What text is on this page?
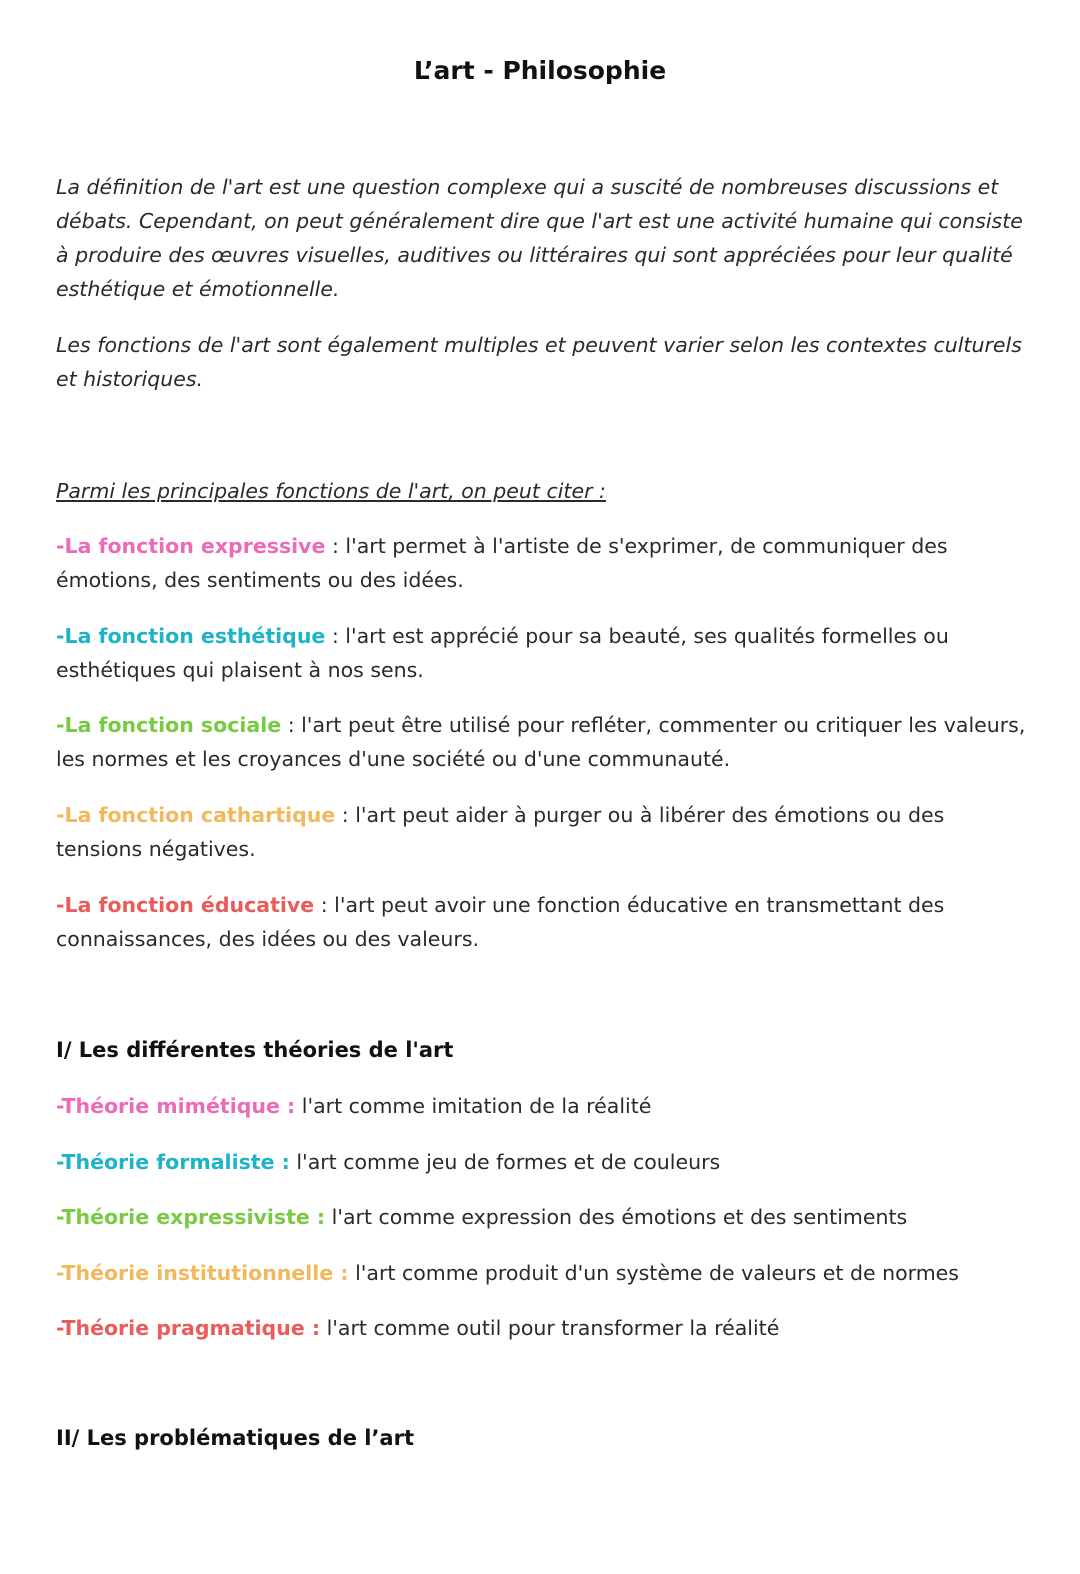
L’art - Philosophie

La définition de l'art est une question complexe qui a suscité de nombreuses discussions et débats. Cependant, on peut généralement dire que l'art est une activité humaine qui consiste à produire des œuvres visuelles, auditives ou littéraires qui sont appréciées pour leur qualité esthétique et émotionnelle.

Les fonctions de l'art sont également multiples et peuvent varier selon les contextes culturels et historiques.

Parmi les principales fonctions de l'art, on peut citer :

-La fonction expressive : l'art permet à l'artiste de s'exprimer, de communiquer des émotions, des sentiments ou des idées.

-La fonction esthétique : l'art est apprécié pour sa beauté, ses qualités formelles ou esthétiques qui plaisent à nos sens.

-La fonction sociale : l'art peut être utilisé pour refléter, commenter ou critiquer les valeurs, les normes et les croyances d'une société ou d'une communauté.

-La fonction cathartique : l'art peut aider à purger ou à libérer des émotions ou des tensions négatives.

-La fonction éducative : l'art peut avoir une fonction éducative en transmettant des connaissances, des idées ou des valeurs.

I/ Les différentes théories de l'art

-Théorie mimétique : l'art comme imitation de la réalité

-Théorie formaliste : l'art comme jeu de formes et de couleurs

-Théorie expressiviste : l'art comme expression des émotions et des sentiments

-Théorie institutionnelle : l'art comme produit d'un système de valeurs et de normes

-Théorie pragmatique : l'art comme outil pour transformer la réalité

II/ Les problématiques de l’art
